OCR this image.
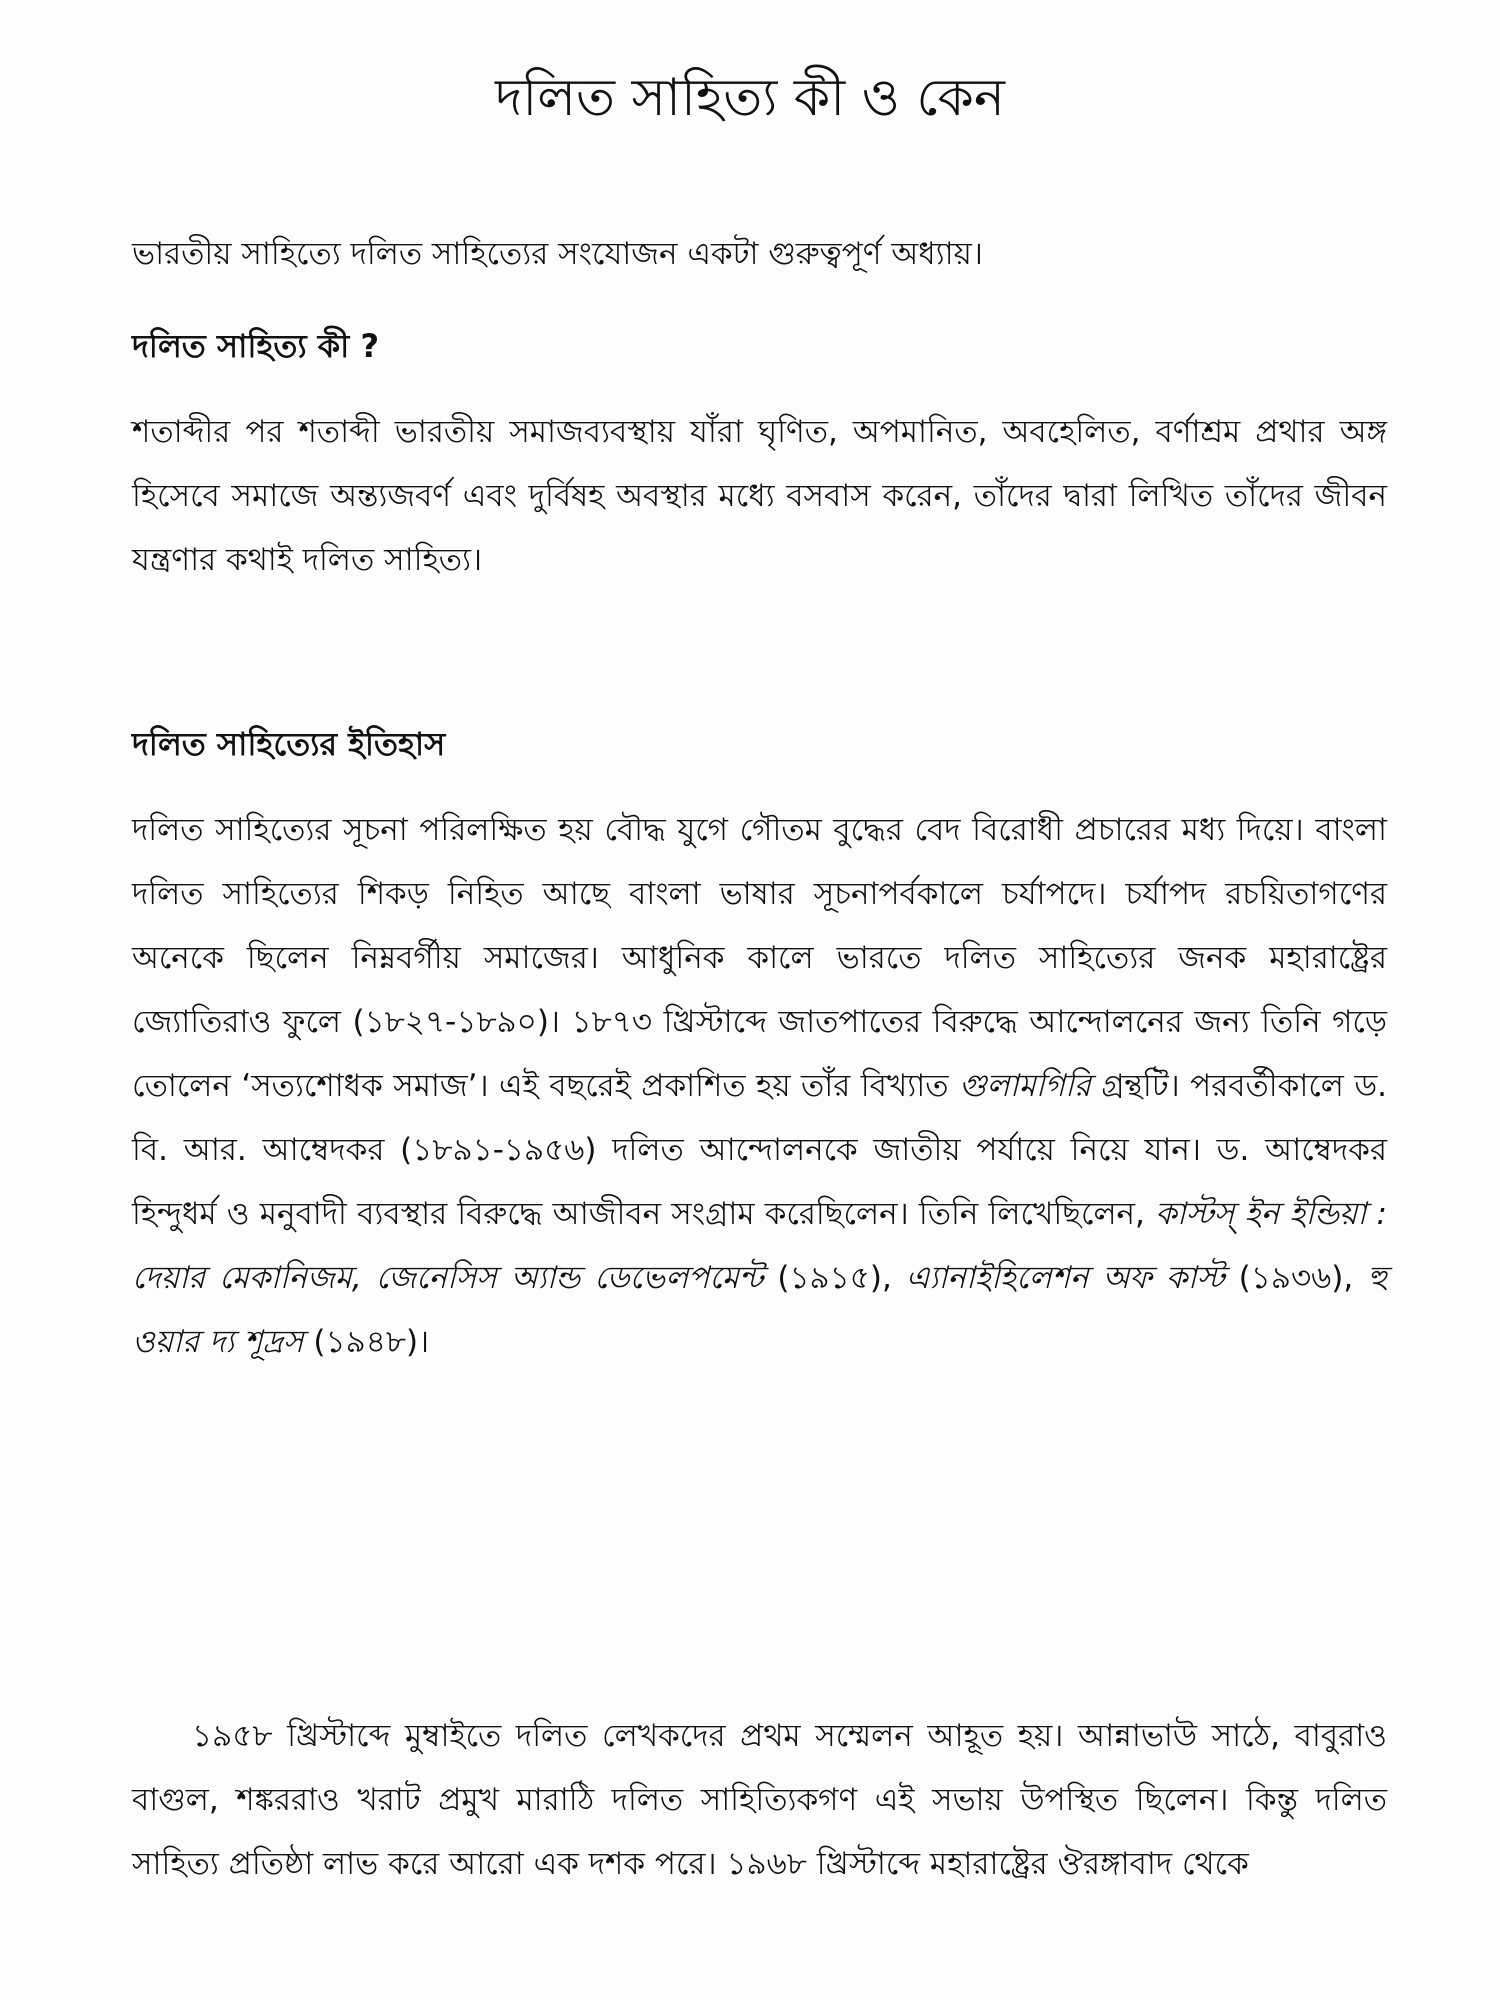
দলিত সাহিত্য কী ও কেন

ভারতীয় সাহিত্যে দলিত সাহিত্যের সংযোজন একটা গুরুত্বপূর্ণ অধ্যায়।

দলিত সাহিত্য কী ?

শতাব্দীর পর শতাব্দী ভারতীয় সমাজব্যবস্থায় যাঁরা ঘৃণিত, অপমানিত, অবহেলিত, বর্ণাশ্রম প্রথার অঙ্গ হিসেবে সমাজে অন্ত্যজবর্ণ এবং দুর্বিষহ অবস্থার মধ্যে বসবাস করেন, তাঁদের দ্বারা লিখিত তাঁদের জীবন যন্ত্রণার কথাই দলিত সাহিত্য।

দলিত সাহিত্যের ইতিহাস

দলিত সাহিত্যের সূচনা পরিলক্ষিত হয় বৌদ্ধ যুগে গৌতম বুদ্ধের বেদ বিরোধী প্রচারের মধ্য দিয়ে। বাংলা দলিত সাহিত্যের শিকড় নিহিত আছে বাংলা ভাষার সূচনাপর্বকালে চর্যাপদে। চর্যাপদ রচয়িতাগণের অনেকে ছিলেন নিম্নবর্গীয় সমাজের। আধুনিক কালে ভারতে দলিত সাহিত্যের জনক মহারাষ্ট্রের জ্যোতিরাও ফুলে (১৮২৭-১৮৯০)। ১৮৭৩ খ্রিস্টাব্দে জাতপাতের বিরুদ্ধে আন্দোলনের জন্য তিনি গড়ে তোলেন ‘সত্যশোধক সমাজ’। এই বছরেই প্রকাশিত হয় তাঁর বিখ্যাত গুলামগিরি গ্রন্থটি। পরবর্তীকালে ড. বি. আর. আম্বেদকর (১৮৯১-১৯৫৬) দলিত আন্দোলনকে জাতীয় পর্যায়ে নিয়ে যান। ড. আম্বেদকর হিন্দুধর্ম ও মনুবাদী ব্যবস্থার বিরুদ্ধে আজীবন সংগ্রাম করেছিলেন। তিনি লিখেছিলেন, কাস্টস্ ইন ইন্ডিয়া : দেয়ার মেকানিজম, জেনেসিস অ্যান্ড ডেভেলপমেন্ট (১৯১৫), এ্যানাইহিলেশন অফ কাস্ট (১৯৩৬), হু ওয়ার দ্য শূদ্রস (১৯৪৮)।

১৯৫৮ খ্রিস্টাব্দে মুম্বাইতে দলিত লেখকদের প্রথম সম্মেলন আহূত হয়। আন্নাভাউ সাঠে, বাবুরাও বাগুল, শঙ্কররাও খরাট প্রমুখ মারাঠি দলিত সাহিত্যিকগণ এই সভায় উপস্থিত ছিলেন। কিন্তু দলিত সাহিত্য প্রতিষ্ঠা লাভ করে আরো এক দশক পরে। ১৯৬৮ খ্রিস্টাব্দে মহারাষ্ট্রের ঔরঙ্গাবাদ থেকে
